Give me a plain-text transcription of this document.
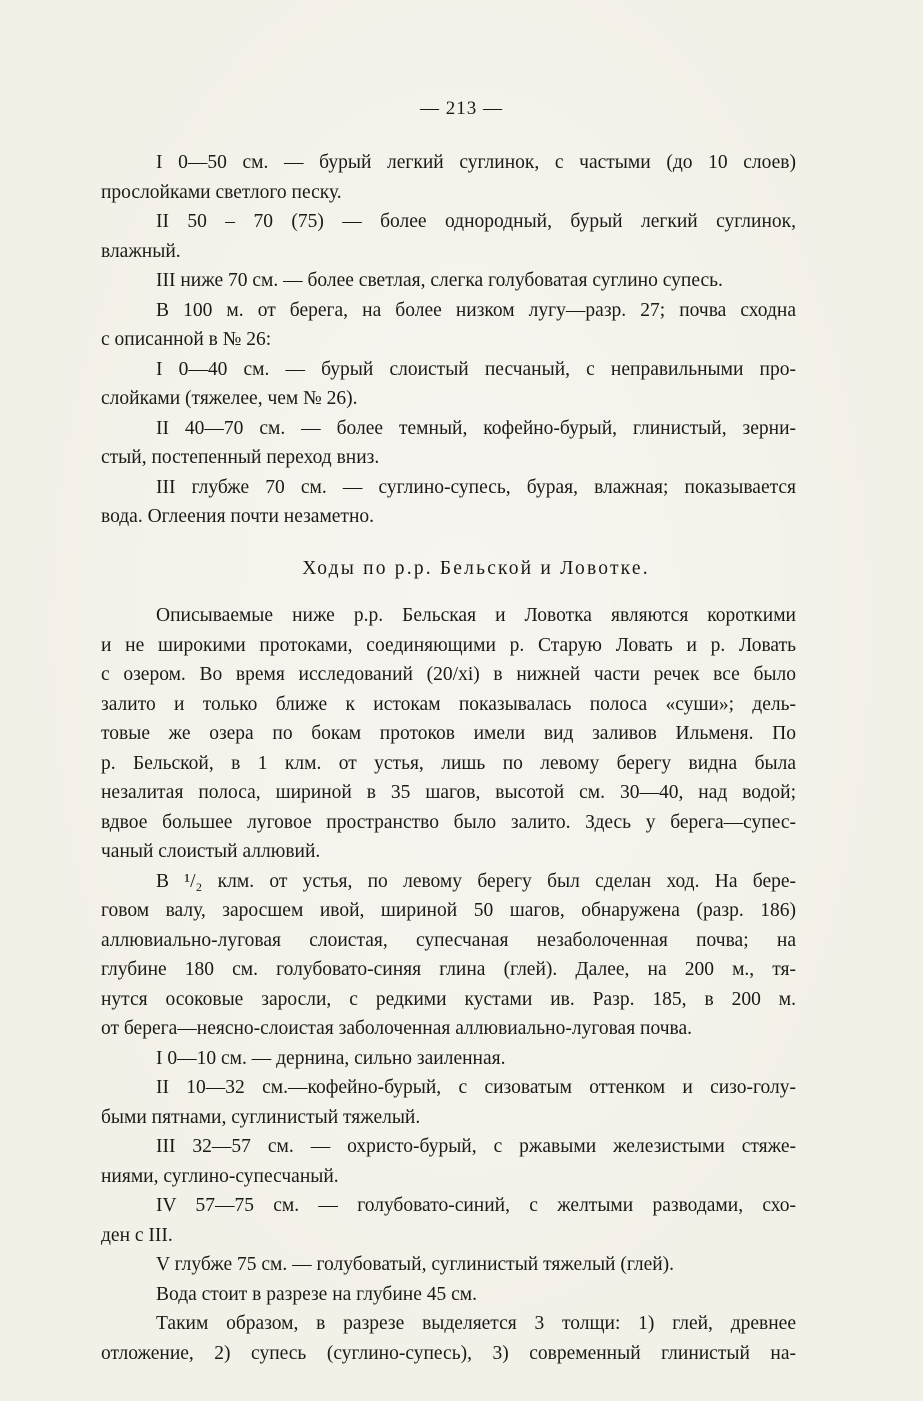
— 213 —
I 0—50 см. — бурый легкий суглинок, с частыми (до 10 слоев)
прослойками светлого песку.
II 50 – 70 (75) — более однородный, бурый легкий суглинок,
влажный.
III ниже 70 см. — более светлая, слегка голубоватая суглино супесь.
В 100 м. от берега, на более низком лугу—разр. 27; почва сходна
с описанной в № 26:
I 0—40 см. — бурый слоистый песчаный, с неправильными про-
слойками (тяжелее, чем № 26).
II 40—70 см. — более темный, кофейно-бурый, глинистый, зерни-
стый, постепенный переход вниз.
III глубже 70 см. — суглино-супесь, бурая, влажная; показывается
вода. Оглеения почти незаметно.
Ходы по р.р. Бельской и Ловотке.
Описываемые ниже р.р. Бельская и Ловотка являются короткими
и не широкими протоками, соединяющими р. Старую Ловать и р. Ловать
с озером. Во время исследований (20/xi) в нижней части речек все было
залито и только ближе к истокам показывалась полоса «суши»; дель-
товые же озера по бокам протоков имели вид заливов Ильменя. По
р. Бельской, в 1 клм. от устья, лишь по левому берегу видна была
незалитая полоса, шириной в 35 шагов, высотой см. 30—40, над водой;
вдвое большее луговое пространство было залито. Здесь у берега—супес-
чаный слоистый аллювий.
В ¹/₂ клм. от устья, по левому берегу был сделан ход. На бере-
говом валу, заросшем ивой, шириной 50 шагов, обнаружена (разр. 186)
аллювиально-луговая слоистая, супесчаная незаболоченная почва; на
глубине 180 см. голубовато-синяя глина (глей). Далее, на 200 м., тя-
нутся осоковые заросли, с редкими кустами ив. Разр. 185, в 200 м.
от берега—неясно-слоистая заболоченная аллювиально-луговая почва.
I 0—10 см. — дернина, сильно заиленная.
II 10—32 см.—кофейно-бурый, с сизоватым оттенком и сизо-голу-
быми пятнами, суглинистый тяжелый.
III 32—57 см. — охристо-бурый, с ржавыми железистыми стяже-
ниями, суглино-супесчаный.
IV 57—75 см. — голубовато-синий, с желтыми разводами, схо-
ден с III.
V глубже 75 см. — голубоватый, суглинистый тяжелый (глей).
Вода стоит в разрезе на глубине 45 см.
Таким образом, в разрезе выделяется 3 толщи: 1) глей, древнее
отложение, 2) супесь (суглино-супесь), 3) современный глинистый на-
